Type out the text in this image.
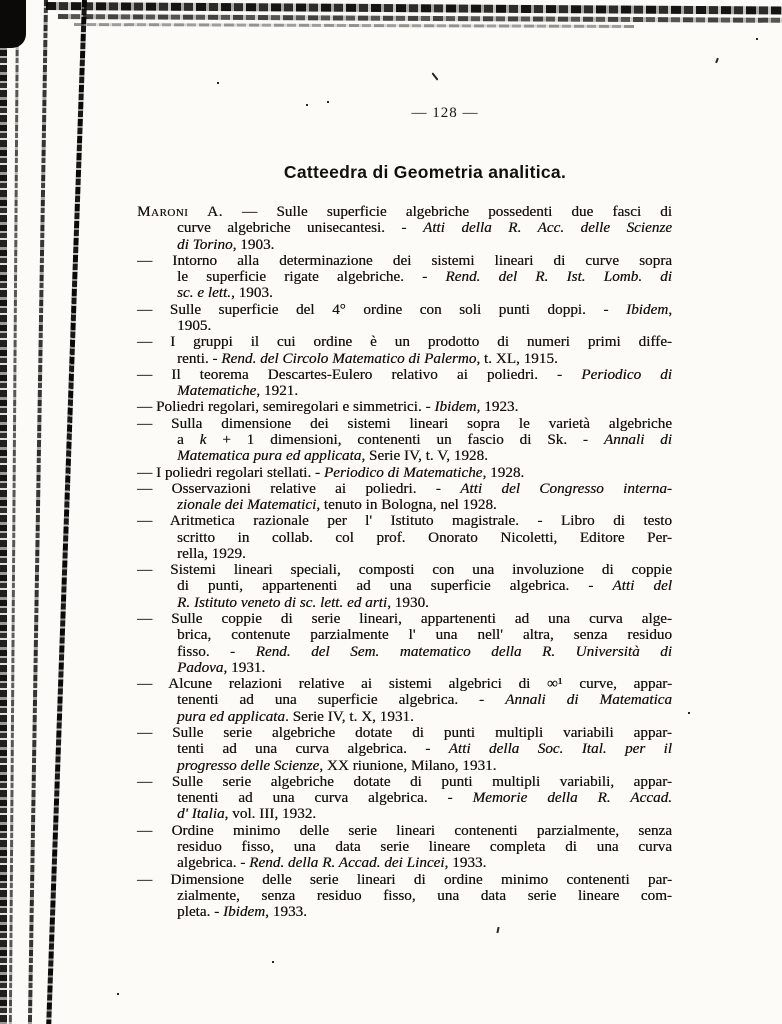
— 128 —
Catteedra di Geometria analitica.
Maroni A. — Sulle superficie algebriche possedenti due fasci di
curve algebriche unisecantesi. - Atti della R. Acc. delle Scienze
di Torino, 1903.
— Intorno alla determinazione dei sistemi lineari di curve sopra
le superficie rigate algebriche. - Rend. del R. Ist. Lomb. di
sc. e lett., 1903.
— Sulle superficie del 4° ordine con soli punti doppi. - Ibidem,
1905.
— I gruppi il cui ordine è un prodotto di numeri primi diffe-
renti. - Rend. del Circolo Matematico di Palermo, t. XL, 1915.
— Il teorema Descartes-Eulero relativo ai poliedri. - Periodico di
Matematiche, 1921.
— Poliedri regolari, semiregolari e simmetrici. - Ibidem, 1923.
— Sulla dimensione dei sistemi lineari sopra le varietà algebriche
a k + 1 dimensioni, contenenti un fascio di Sk. - Annali di
Matematica pura ed applicata, Serie IV, t. V, 1928.
— I poliedri regolari stellati. - Periodico di Matematiche, 1928.
— Osservazioni relative ai poliedri. - Atti del Congresso interna-
zionale dei Matematici, tenuto in Bologna, nel 1928.
— Aritmetica razionale per l' Istituto magistrale. - Libro di testo
scritto in collab. col prof. Onorato Nicoletti, Editore Per-
rella, 1929.
— Sistemi lineari speciali, composti con una involuzione di coppie
di punti, appartenenti ad una superficie algebrica. - Atti del
R. Istituto veneto di sc. lett. ed arti, 1930.
— Sulle coppie di serie lineari, appartenenti ad una curva alge-
brica, contenute parzialmente l' una nell' altra, senza residuo
fisso. - Rend. del Sem. matematico della R. Università di
Padova, 1931.
— Alcune relazioni relative ai sistemi algebrici di ∞¹ curve, appar-
tenenti ad una superficie algebrica. - Annali di Matematica
pura ed applicata. Serie IV, t. X, 1931.
— Sulle serie algebriche dotate di punti multipli variabili appar-
tenti ad una curva algebrica. - Atti della Soc. Ital. per il
progresso delle Scienze, XX riunione, Milano, 1931.
— Sulle serie algebriche dotate di punti multipli variabili, appar-
tenenti ad una curva algebrica. - Memorie della R. Accad.
d' Italia, vol. III, 1932.
— Ordine minimo delle serie lineari contenenti parzialmente, senza
residuo fisso, una data serie lineare completa di una curva
algebrica. - Rend. della R. Accad. dei Lincei, 1933.
— Dimensione delle serie lineari di ordine minimo contenenti par-
zialmente, senza residuo fisso, una data serie lineare com-
pleta. - Ibidem, 1933.
